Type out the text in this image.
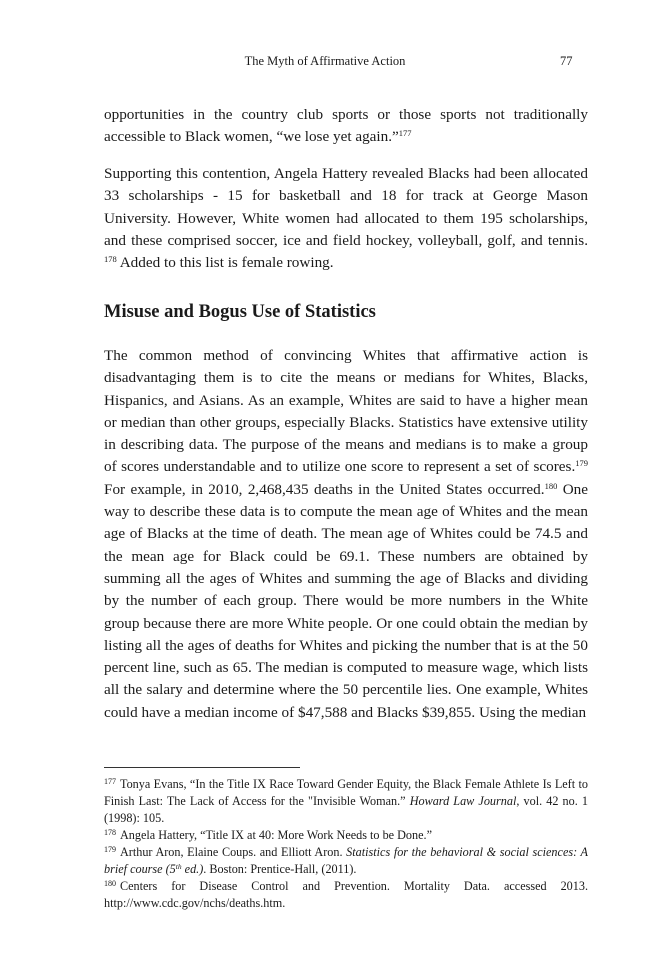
The Myth of Affirmative Action	77

opportunities in the country club sports or those sports not traditionally accessible to Black women, “we lose yet again.”$^{177}$

Supporting this contention, Angela Hattery revealed Blacks had been allocated 33 scholarships - 15 for basketball and 18 for track at George Mason University. However, White women had allocated to them 195 scholarships, and these comprised soccer, ice and field hockey, volleyball, golf, and tennis. $^{178}$ Added to this list is female rowing.

Misuse and Bogus Use of Statistics

The common method of convincing Whites that affirmative action is disadvantaging them is to cite the means or medians for Whites, Blacks, Hispanics, and Asians. As an example, Whites are said to have a higher mean or median than other groups, especially Blacks. Statistics have extensive utility in describing data. The purpose of the means and medians is to make a group of scores understandable and to utilize one score to represent a set of scores.$^{179}$ For example, in 2010, 2,468,435 deaths in the United States occurred.$^{180}$ One way to describe these data is to compute the mean age of Whites and the mean age of Blacks at the time of death. The mean age of Whites could be 74.5 and the mean age for Black could be 69.1. These numbers are obtained by summing all the ages of Whites and summing the age of Blacks and dividing by the number of each group. There would be more numbers in the White group because there are more White people. Or one could obtain the median by listing all the ages of deaths for Whites and picking the number that is at the 50 percent line, such as 65. The median is computed to measure wage, which lists all the salary and determine where the 50 percentile lies. One example, Whites could have a median income of $47,588 and Blacks $39,855. Using the median

$^{177}$ Tonya Evans, “In the Title IX Race Toward Gender Equity, the Black Female Athlete Is Left to Finish Last: The Lack of Access for the "Invisible Woman.” Howard Law Journal, vol. 42 no. 1 (1998): 105.

$^{178}$ Angela Hattery, “Title IX at 40: More Work Needs to be Done.”

$^{179}$ Arthur Aron, Elaine Coups. and Elliott Aron. Statistics for the behavioral & social sciences: A brief course (5th ed.). Boston: Prentice-Hall, (2011).

$^{180}$ Centers for Disease Control and Prevention. Mortality Data. accessed 2013. http://www.cdc.gov/nchs/deaths.htm.
